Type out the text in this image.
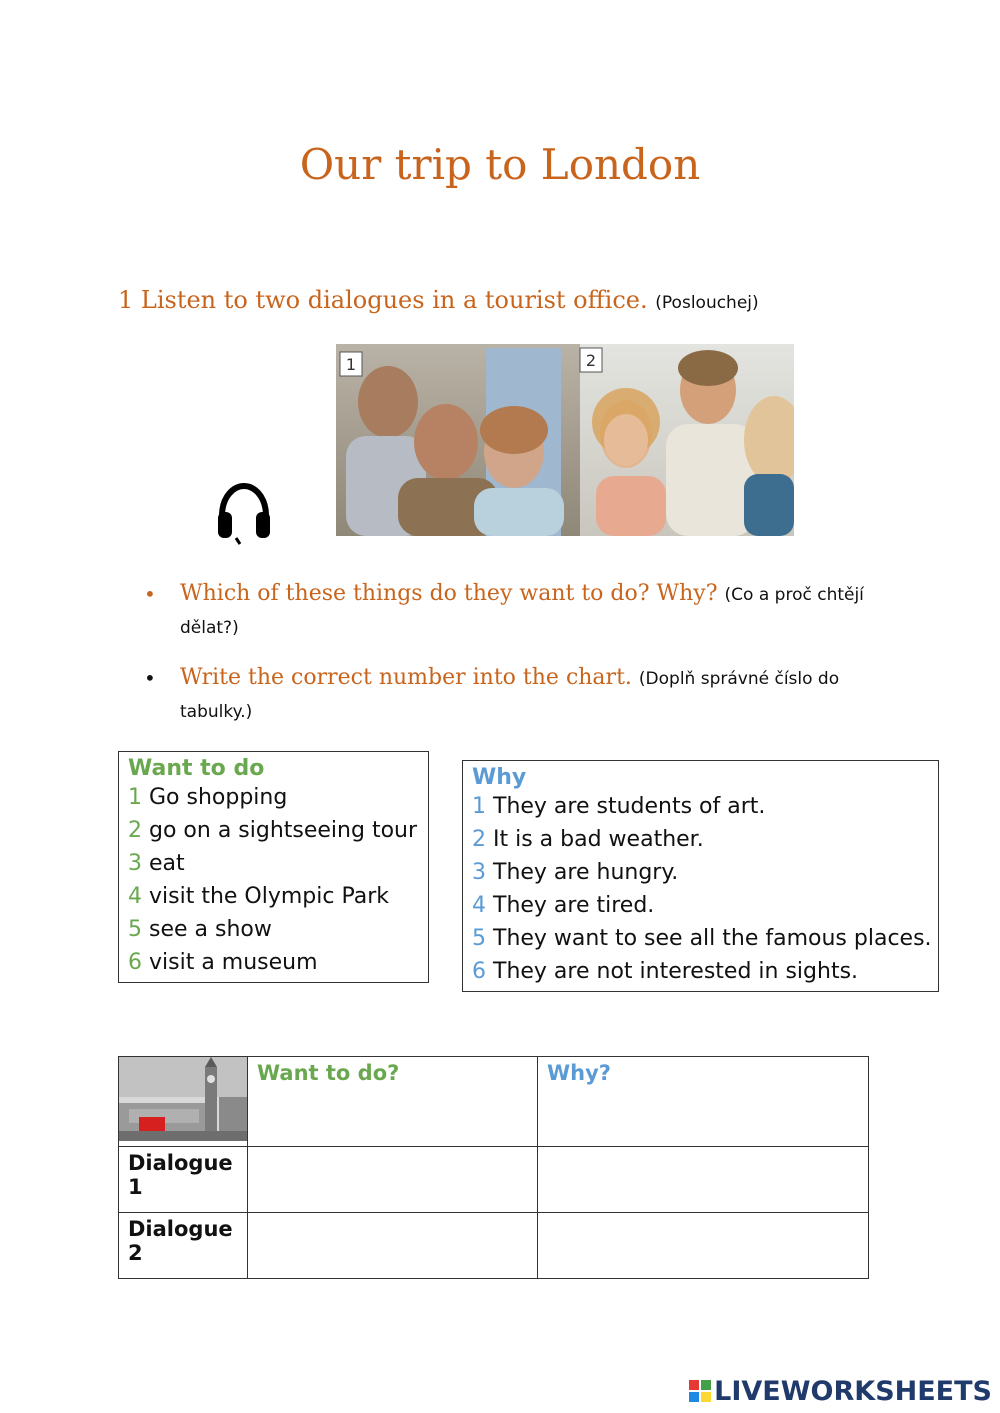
Our trip to London
1 Listen to two dialogues in a tourist office. (Poslouchej)
1	2
• Which of these things do they want to do? Why? (Co a proč chtějí dělat?)
• Write the correct number into the chart. (Doplň správné číslo do tabulky.)
Want to do
1 Go shopping
2 go on a sightseeing tour
3 eat
4 visit the Olympic Park
5 see a show
6 visit a museum
Why
1 They are students of art.
2 It is a bad weather.
3 They are hungry.
4 They are tired.
5 They want to see all the famous places.
6 They are not interested in sights.
	Want to do?	Why?
Dialogue 1		
Dialogue 2		
LIVEWORKSHEETS
